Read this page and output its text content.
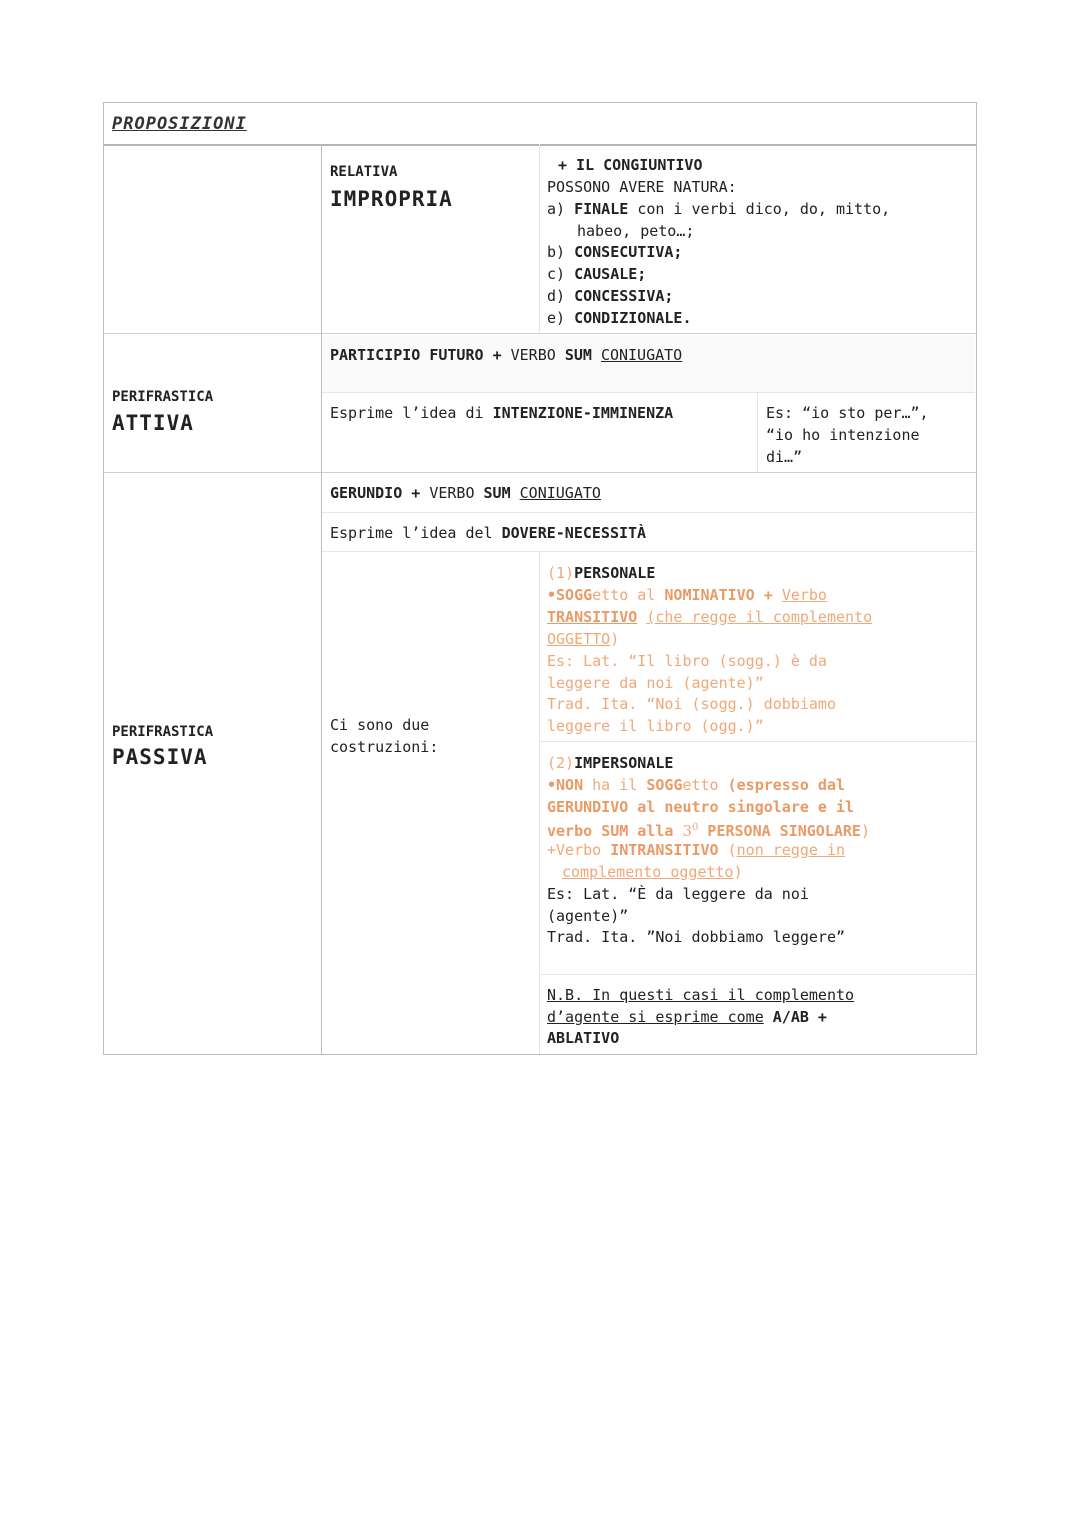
PROPOSIZIONI
RELATIVA
IMPROPRIA
+ IL CONGIUNTIVO
POSSONO AVERE NATURA:
a) FINALE con i verbi dico, do, mitto,
habeo, peto…;
b) CONSECUTIVA;
c) CAUSALE;
d) CONCESSIVA;
e) CONDIZIONALE.
PERIFRASTICA
ATTIVA
PARTICIPIO FUTURO + VERBO SUM CONIUGATO
Esprime l’idea di INTENZIONE-IMMINENZA	Es: “io sto per…”,
“io ho intenzione
di…”
PERIFRASTICA
PASSIVA
GERUNDIO + VERBO SUM CONIUGATO
Esprime l’idea del DOVERE-NECESSITÀ
Ci sono due
costruzioni:
(1)PERSONALE
•SOGGetto al NOMINATIVO + Verbo
TRANSITIVO (che regge il complemento
OGGETTO)
Es: Lat. “Il libro (sogg.) è da
leggere da noi (agente)”
Trad. Ita. “Noi (sogg.) dobbiamo
leggere il libro (ogg.)”
(2)IMPERSONALE
•NON ha il SOGGetto (espresso dal
GERUNDIVO al neutro singolare e il
verbo SUM alla $3^0$ PERSONA SINGOLARE)
+Verbo INTRANSITIVO (non regge in
complemento oggetto)
Es: Lat. “È da leggere da noi
(agente)”
Trad. Ita. ”Noi dobbiamo leggere”
N.B. In questi casi il complemento
d’agente si esprime come A/AB +
ABLATIVO
